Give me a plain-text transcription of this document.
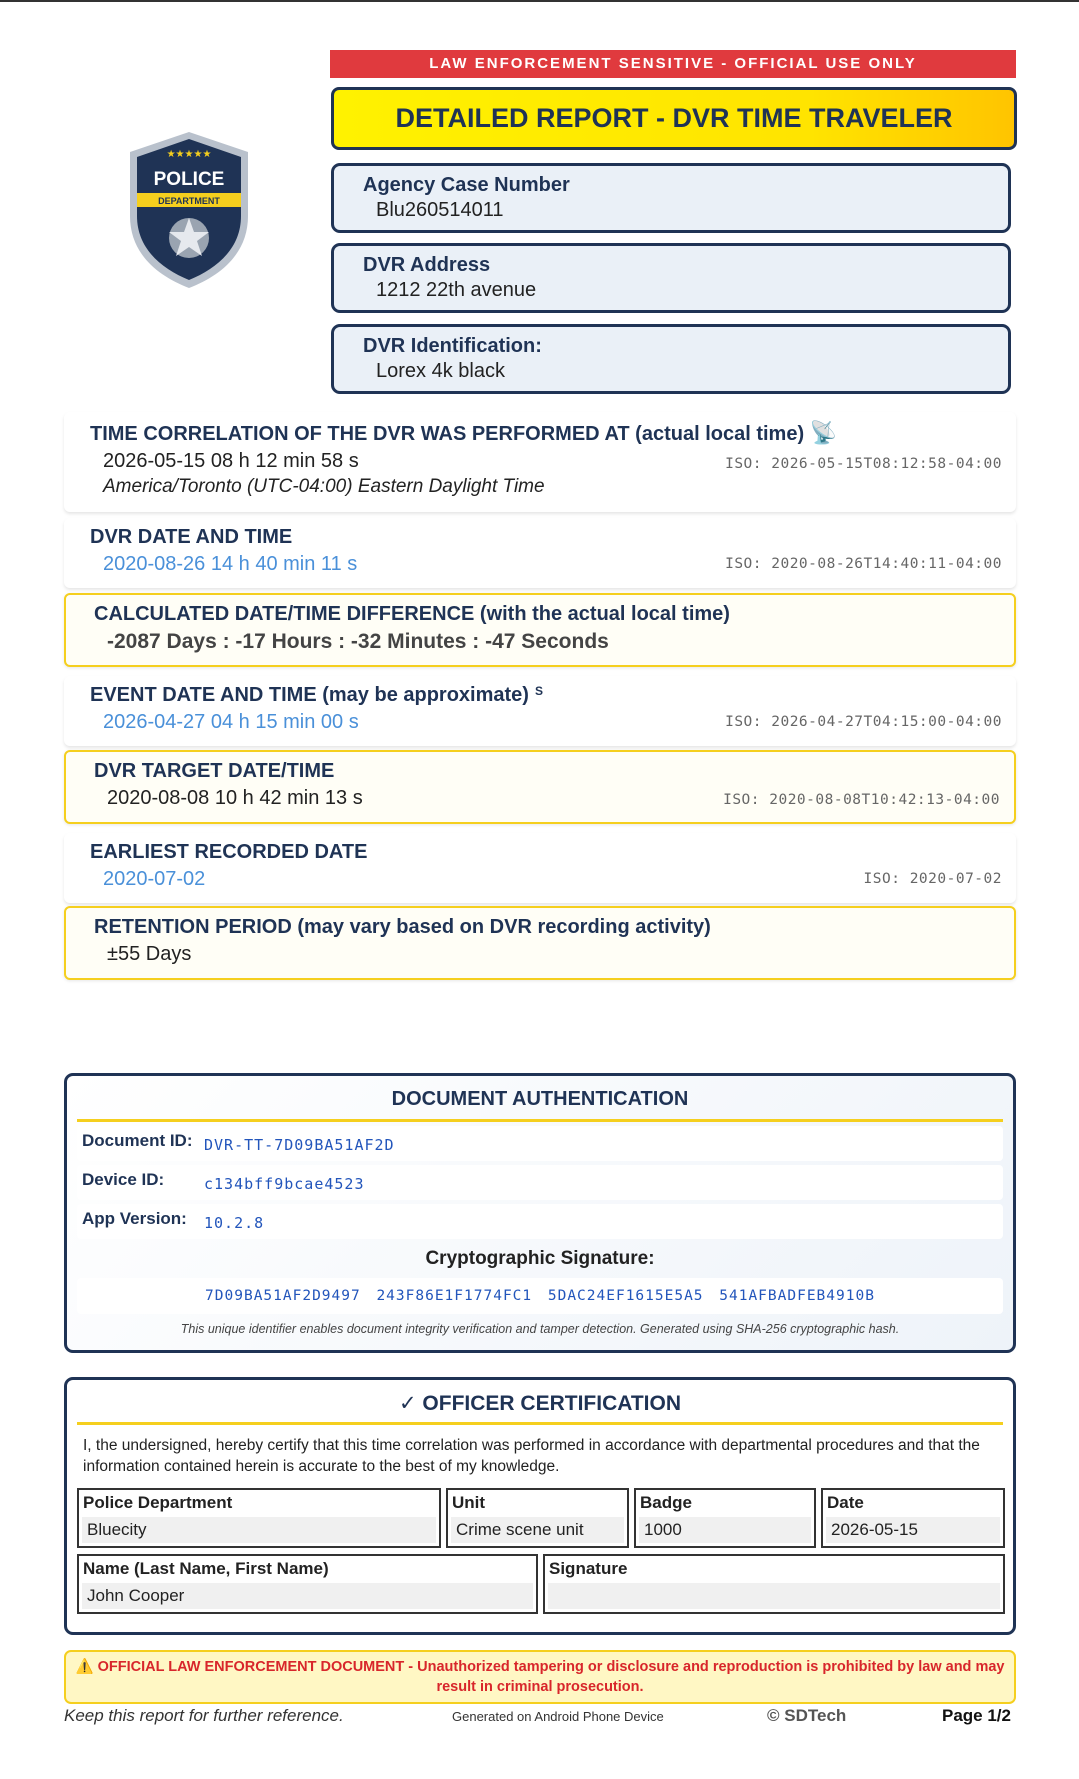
★★★★★
POLICE
DEPARTMENT
LAW ENFORCEMENT SENSITIVE - OFFICIAL USE ONLY
DETAILED REPORT - DVR TIME TRAVELER
Agency Case Number
Blu260514011
DVR Address
1212 22th avenue
DVR Identification:
Lorex 4k black
TIME CORRELATION OF THE DVR WAS PERFORMED AT (actual local time) 📡
2026-05-15 08 h 12 min 58 s
America/Toronto (UTC-04:00) Eastern Daylight Time
ISO: 2026-05-15T08:12:58-04:00
DVR DATE AND TIME
2020-08-26 14 h 40 min 11 s	ISO: 2020-08-26T14:40:11-04:00
CALCULATED DATE/TIME DIFFERENCE (with the actual local time)
-2087 Days : -17 Hours : -32 Minutes : -47 Seconds
EVENT DATE AND TIME (may be approximate) $^S$
2026-04-27 04 h 15 min 00 s	ISO: 2026-04-27T04:15:00-04:00
DVR TARGET DATE/TIME
2020-08-08 10 h 42 min 13 s	ISO: 2020-08-08T10:42:13-04:00
EARLIEST RECORDED DATE
2020-07-02	ISO: 2020-07-02
RETENTION PERIOD (may vary based on DVR recording activity)
±55 Days
DOCUMENT AUTHENTICATION
Document ID: DVR-TT-7D09BA51AF2D
Device ID:	c134bff9bcae4523
App Version: 10.2.8
Cryptographic Signature:
7D09BA51AF2D9497 243F86E1F1774FC1 5DAC24EF1615E5A5 541AFBADFEB4910B
This unique identifier enables document integrity verification and tamper detection. Generated using SHA-256 cryptographic hash.
✓ OFFICER CERTIFICATION
I, the undersigned, hereby certify that this time correlation was performed in accordance with departmental procedures and that the information contained herein is accurate to the best of my knowledge.
Police Department
Bluecity
Unit
Crime scene unit
Badge
1000
Date
2026-05-15
Name (Last Name, First Name)
John Cooper
Signature
⚠️ OFFICIAL LAW ENFORCEMENT DOCUMENT - Unauthorized tampering or disclosure and reproduction is prohibited by law and may result in criminal prosecution.
Keep this report for further reference.	Generated on Android Phone Device	© SDTech	Page 1/2
